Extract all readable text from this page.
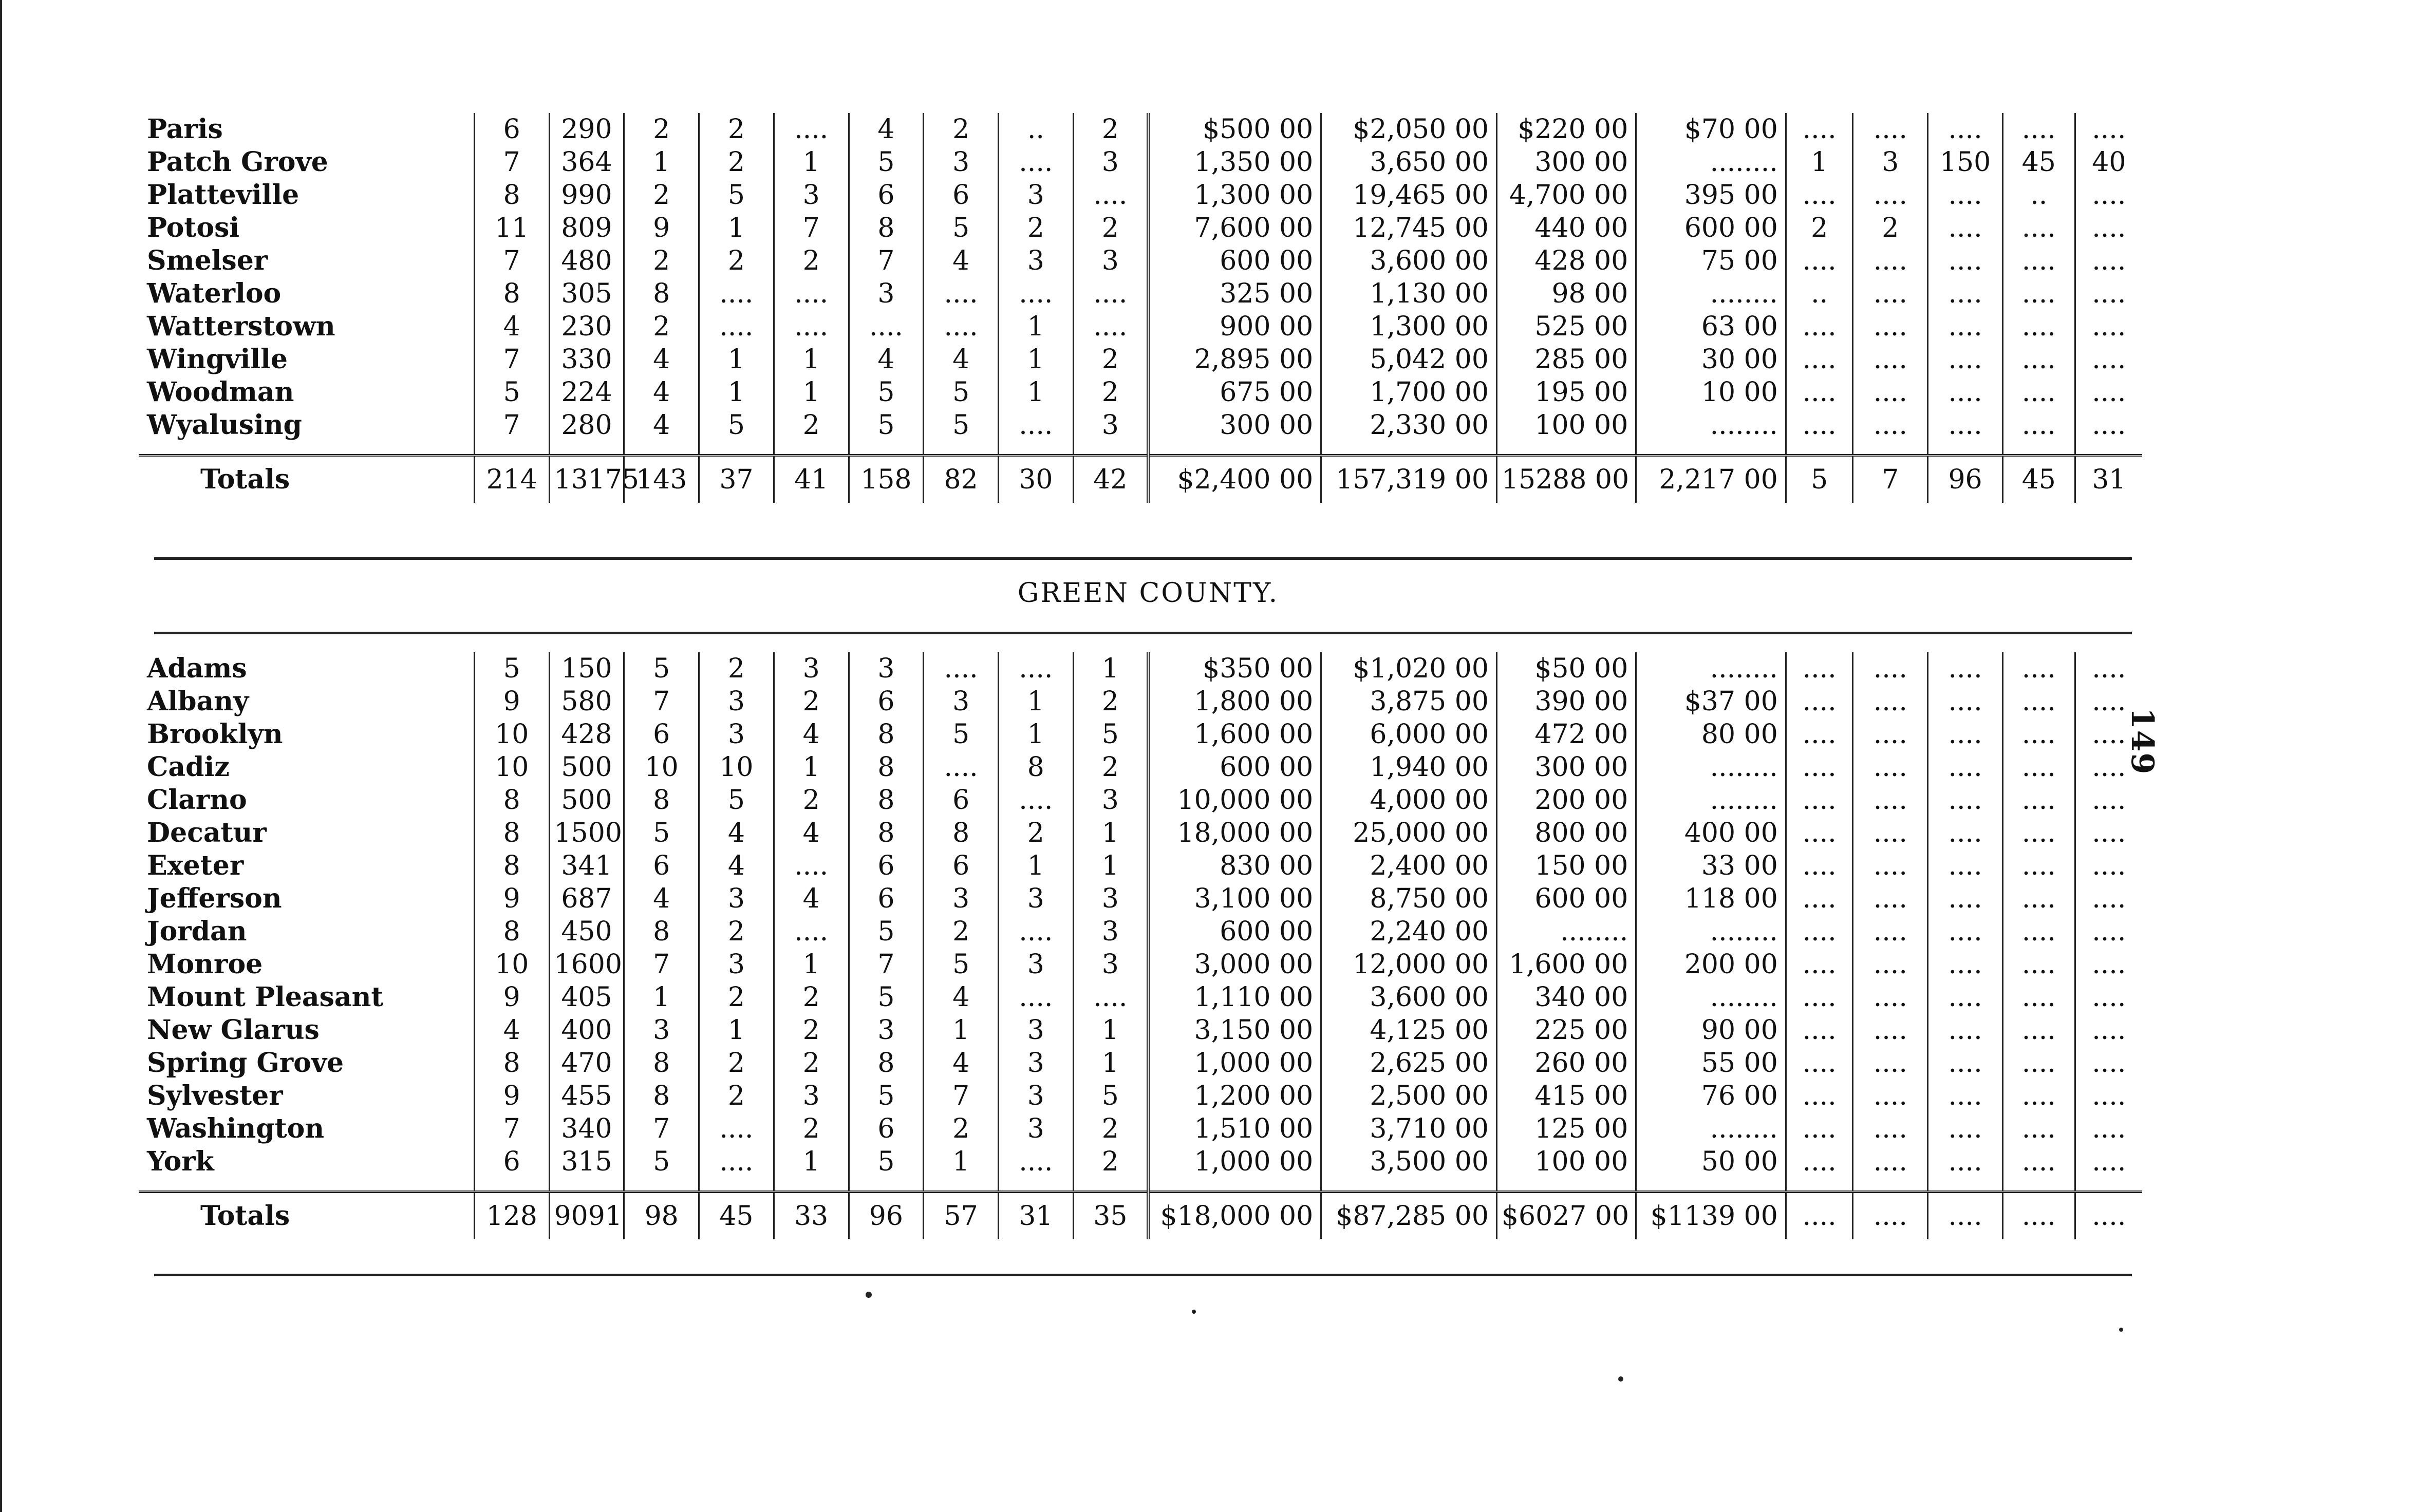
149
Paris	6	290	2	2	....	4	2	..	2	$500 00	$2,050 00	$220 00	$70 00	....	....	....	....	....
Patch Grove	7	364	1	2	1	5	3	....	3	1,350 00	3,650 00	300 00	........	1	3	150	45	40
Platteville	8	990	2	5	3	6	6	3	....	1,300 00	19,465 00	4,700 00	395 00	....	....	....	..	....
Potosi	11	809	9	1	7	8	5	2	2	7,600 00	12,745 00	440 00	600 00	2	2	....	....	....
Smelser	7	480	2	2	2	7	4	3	3	600 00	3,600 00	428 00	75 00	....	....	....	....	....
Waterloo	8	305	8	....	....	3	....	....	....	325 00	1,130 00	98 00	........	..	....	....	....	....
Watterstown	4	230	2	....	....	....	....	1	....	900 00	1,300 00	525 00	63 00	....	....	....	....	....
Wingville	7	330	4	1	1	4	4	1	2	2,895 00	5,042 00	285 00	30 00	....	....	....	....	....
Woodman	5	224	4	1	1	5	5	1	2	675 00	1,700 00	195 00	10 00	....	....	....	....	....
Wyalusing	7	280	4	5	2	5	5	....	3	300 00	2,330 00	100 00	........	....	....	....	....	....

Totals	214	13175	143	37	41	158	82	30	42	$2,400 00	157,319 00	15288 00	2,217 00	5	7	96	45	31
GREEN COUNTY.
Adams	5	150	5	2	3	3	....	....	1	$350 00	$1,020 00	$50 00	........	....	....	....	....	....
Albany	9	580	7	3	2	6	3	1	2	1,800 00	3,875 00	390 00	$37 00	....	....	....	....	....
Brooklyn	10	428	6	3	4	8	5	1	5	1,600 00	6,000 00	472 00	80 00	....	....	....	....	....
Cadiz	10	500	10	10	1	8	....	8	2	600 00	1,940 00	300 00	........	....	....	....	....	....
Clarno	8	500	8	5	2	8	6	....	3	10,000 00	4,000 00	200 00	........	....	....	....	....	....
Decatur	8	1500	5	4	4	8	8	2	1	18,000 00	25,000 00	800 00	400 00	....	....	....	....	....
Exeter	8	341	6	4	....	6	6	1	1	830 00	2,400 00	150 00	33 00	....	....	....	....	....
Jefferson	9	687	4	3	4	6	3	3	3	3,100 00	8,750 00	600 00	118 00	....	....	....	....	....
Jordan	8	450	8	2	....	5	2	....	3	600 00	2,240 00	........	........	....	....	....	....	....
Monroe	10	1600	7	3	1	7	5	3	3	3,000 00	12,000 00	1,600 00	200 00	....	....	....	....	....
Mount Pleasant	9	405	1	2	2	5	4	....	....	1,110 00	3,600 00	340 00	........	....	....	....	....	....
New Glarus	4	400	3	1	2	3	1	3	1	3,150 00	4,125 00	225 00	90 00	....	....	....	....	....
Spring Grove	8	470	8	2	2	8	4	3	1	1,000 00	2,625 00	260 00	55 00	....	....	....	....	....
Sylvester	9	455	8	2	3	5	7	3	5	1,200 00	2,500 00	415 00	76 00	....	....	....	....	....
Washington	7	340	7	....	2	6	2	3	2	1,510 00	3,710 00	125 00	........	....	....	....	....	....
York	6	315	5	....	1	5	1	....	2	1,000 00	3,500 00	100 00	50 00	....	....	....	....	....

Totals	128	9091	98	45	33	96	57	31	35	$18,000 00	$87,285 00	$6027 00	$1139 00	....	....	....	....	....
